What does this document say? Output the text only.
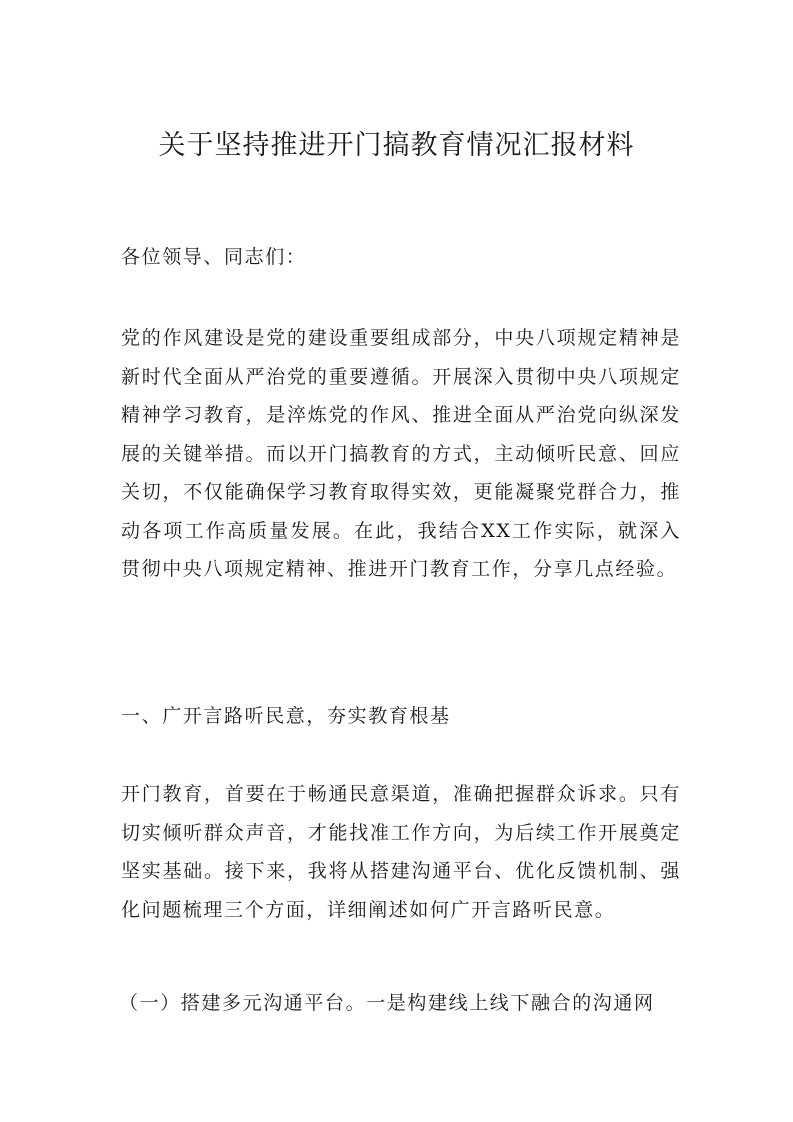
关于坚持推进开门搞教育情况汇报材料

各位领导、同志们：

党的作风建设是党的建设重要组成部分，中央八项规定精神是新时代全面从严治党的重要遵循。开展深入贯彻中央八项规定精神学习教育，是淬炼党的作风、推进全面从严治党向纵深发展的关键举措。而以开门搞教育的方式，主动倾听民意、回应关切，不仅能确保学习教育取得实效，更能凝聚党群合力，推动各项工作高质量发展。在此，我结合XX工作实际，就深入贯彻中央八项规定精神、推进开门教育工作，分享几点经验。

一、广开言路听民意，夯实教育根基

开门教育，首要在于畅通民意渠道，准确把握群众诉求。只有切实倾听群众声音，才能找准工作方向，为后续工作开展奠定坚实基础。接下来，我将从搭建沟通平台、优化反馈机制、强化问题梳理三个方面，详细阐述如何广开言路听民意。

（一）搭建多元沟通平台。一是构建线上线下融合的沟通网
